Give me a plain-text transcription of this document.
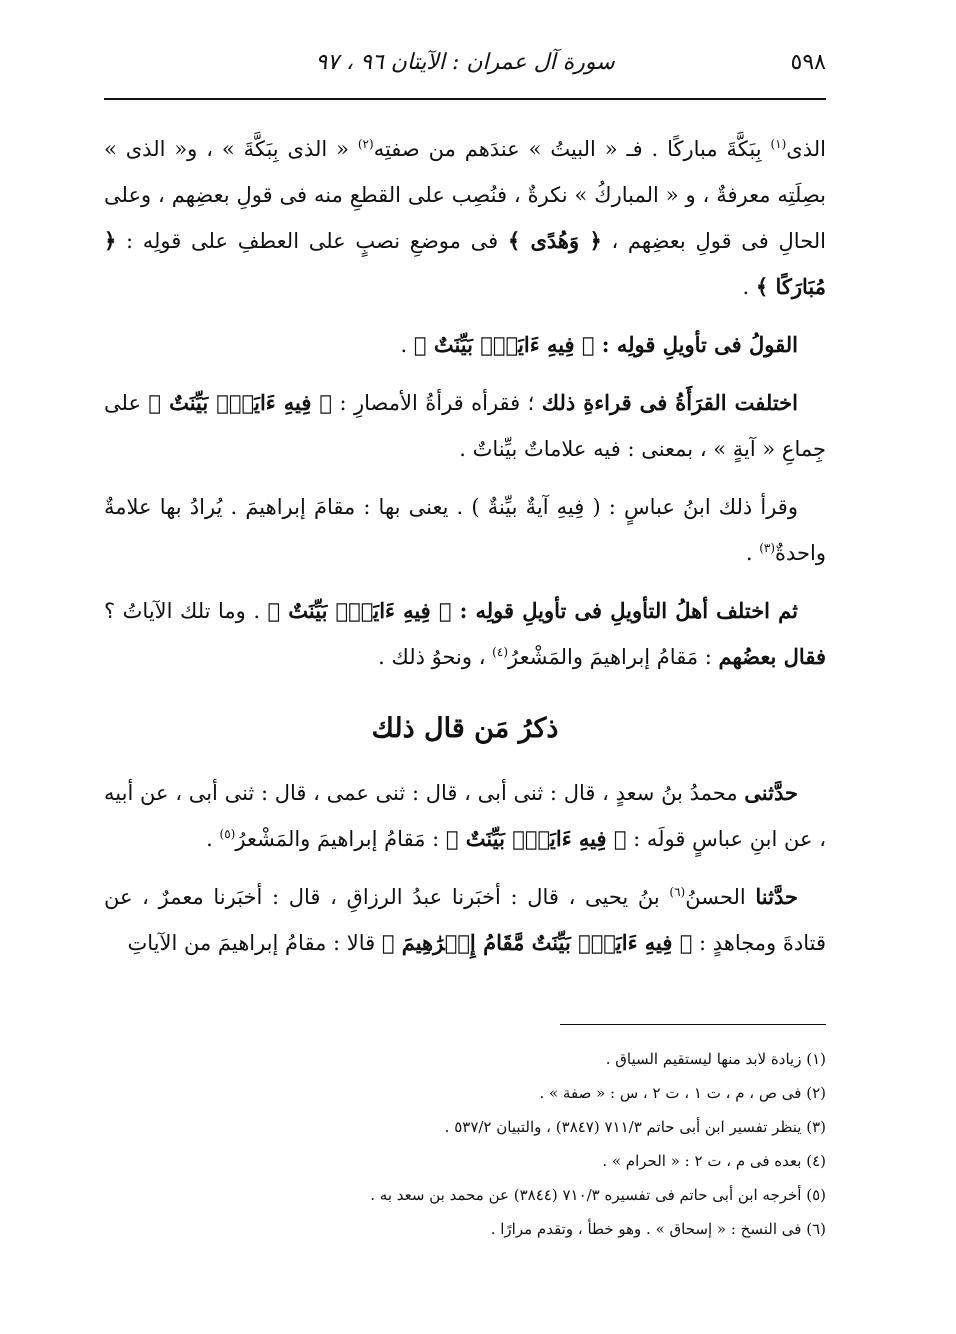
٥٩٨
سورة آل عمران : الآيتان ٩٦ ، ٩٧

الذى$^{(١)}$ بِبَكَّةَ مباركًا . فـ « البيتُ » عندَهم من صفتِه$^{(٢)}$ « الذى بِبَكَّةَ » ، و« الذى » بصِلَتِه معرفةٌ ، و « المباركُ » نكرةٌ ، فنُصِب على القطعِ منه فى قولِ بعضِهم ، وعلى الحالِ فى قولِ بعضِهم ، ﴿ وَهُدًى ﴾ فى موضعِ نصبٍ على العطفِ على قولِه : ﴿ مُبَارَكًا ﴾ .

القولُ فى تأويلِ قولِه : ﴿ فِيهِ ءَايَتُۢ بَيِّنَتٌ ﴾ .

اختلفت القرَأَةُ فى قراءةِ ذلك ؛ فقرأه قرأةُ الأمصارِ : ﴿ فِيهِ ءَايَتُۢ بَيِّنَتٌ ﴾ على جِماعِ « آيةٍ » ، بمعنى : فيه علاماتٌ بيِّناتٌ .

وقرأ ذلك ابنُ عباسٍ : ( فِيهِ آيةٌ بيِّنةٌ ) . يعنى بها : مقامَ إبراهيمَ . يُرادُ بها علامةٌ واحدةٌ$^{(٣)}$ .

ثم اختلف أهلُ التأويلِ فى تأويلِ قولِه : ﴿ فِيهِ ءَايَتُۢ بَيِّنَتٌ ﴾ . وما تلك الآياتُ ؟ فقال بعضُهم : مَقامُ إبراهيمَ والمَشْعرُ$^{(٤)}$ ، ونحوُ ذلك .

ذكرُ مَن قال ذلك

حدَّثنى محمدُ بنُ سعدٍ ، قال : ثنى أبى ، قال : ثنى عمى ، قال : ثنى أبى ، عن أبيه ، عن ابنِ عباسٍ قولَه : ﴿ فِيهِ ءَايَتُۢ بَيِّنَتٌ ﴾ : مَقامُ إبراهيمَ والمَشْعرُ$^{(٥)}$ .

حدَّثنا الحسنُ$^{(٦)}$ بنُ يحيى ، قال : أخبَرنا عبدُ الرزاقِ ، قال : أخبَرنا معمرٌ ، عن قتادةَ ومجاهدٍ : ﴿ فِيهِ ءَايَتُۢ بَيِّنَتٌ مَّقَامُ إِبۡرَٰهِيمَ ﴾ قالا : مقامُ إبراهيمَ من الآياتِ

(١) زيادة لابد منها ليستقيم السياق .

(٢) فى ص ، م ، ت ١ ، ت ٢ ، س : « صفة » .

(٣) ينظر تفسير ابن أبى حاتم ٧١١/٣ (٣٨٤٧) ، والتبيان ٥٣٧/٢ .

(٤) بعده فى م ، ت ٢ : « الحرام » .

(٥) أخرجه ابن أبى حاتم فى تفسيره ٧١٠/٣ (٣٨٤٤) عن محمد بن سعد به .

(٦) فى النسخ : « إسحاق » . وهو خطأ ، وتقدم مرارًا .
